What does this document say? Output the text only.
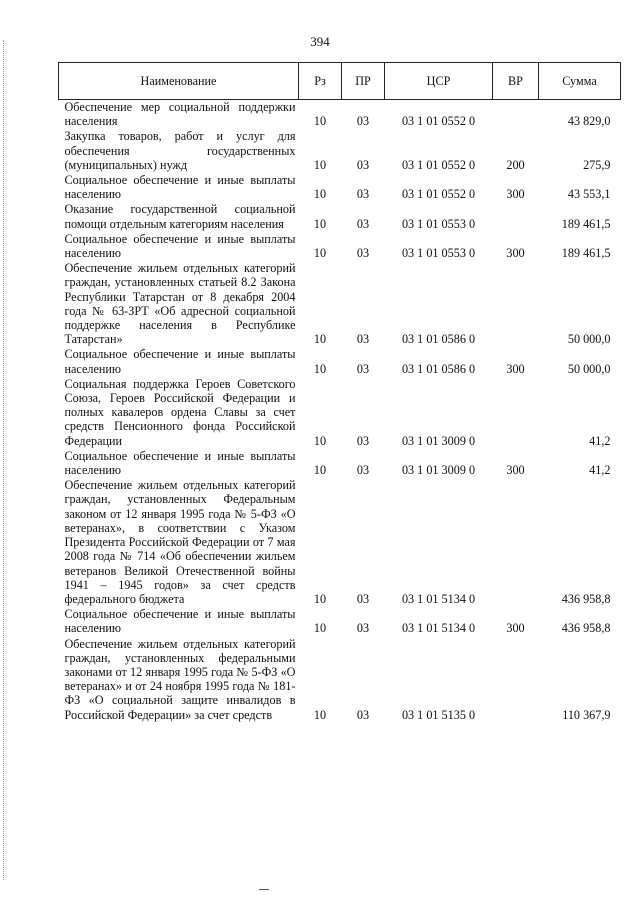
394
Наименование	Рз	ПР	ЦСР	ВР	Сумма
Обеспечение мер социальной поддержки населения	10	03	03 1 01 0552 0		43 829,0
Закупка товаров, работ и услуг для обеспечения государственных (муниципальных) нужд	10	03	03 1 01 0552 0	200	275,9
Социальное обеспечение и иные выплаты населению	10	03	03 1 01 0552 0	300	43 553,1
Оказание государственной социальной помощи отдельным категориям населения	10	03	03 1 01 0553 0		189 461,5
Социальное обеспечение и иные выплаты населению	10	03	03 1 01 0553 0	300	189 461,5
Обеспечение жильем отдельных категорий граждан, установленных статьей 8.2 Закона Республики Татарстан от 8 декабря 2004 года № 63-ЗРТ «Об адресной социальной поддержке населения в Республике Татарстан»	10	03	03 1 01 0586 0		50 000,0
Социальное обеспечение и иные выплаты населению	10	03	03 1 01 0586 0	300	50 000,0
Социальная поддержка Героев Советского Союза, Героев Российской Федерации и полных кавалеров ордена Славы за счет средств Пенсионного фонда Российской Федерации	10	03	03 1 01 3009 0		41,2
Социальное обеспечение и иные выплаты населению	10	03	03 1 01 3009 0	300	41,2
Обеспечение жильем отдельных категорий граждан, установленных Федеральным законом от 12 января 1995 года № 5-ФЗ «О ветеранах», в соответствии с Указом Президента Российской Федерации от 7 мая 2008 года № 714 «Об обеспечении жильем ветеранов Великой Отечественной войны 1941 – 1945 годов» за счет средств федерального бюджета	10	03	03 1 01 5134 0		436 958,8
Социальное обеспечение и иные выплаты населению	10	03	03 1 01 5134 0	300	436 958,8
Обеспечение жильем отдельных категорий граждан, установленных федеральными законами от 12 января 1995 года № 5-ФЗ «О ветеранах» и от 24 ноября 1995 года № 181-ФЗ «О социальной защите инвалидов в Российской Федерации» за счет средств	10	03	03 1 01 5135 0		110 367,9
